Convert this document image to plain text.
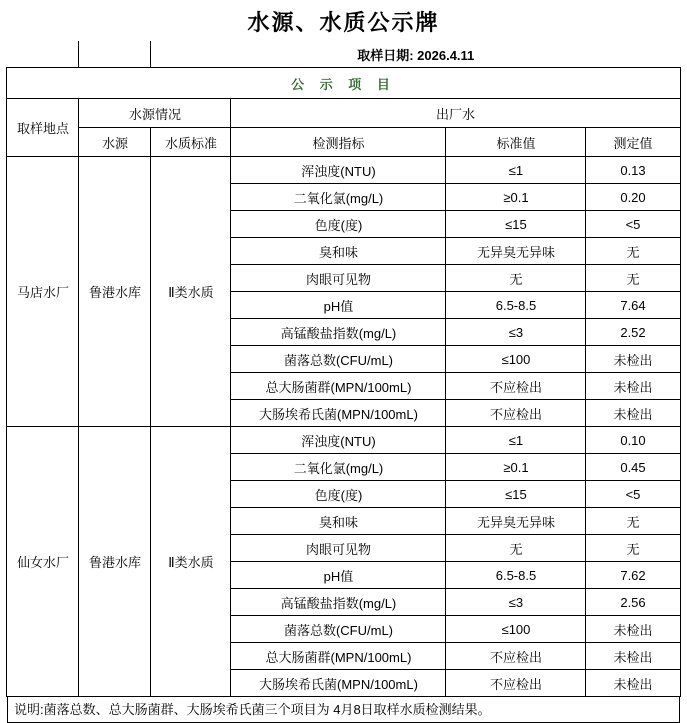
水源、水质公示牌
		取样日期: 2026.4.11			
公 示 项 目					
取样地点	水源情况		出厂水		
	水源	水质标准	检测指标	标准值	测定值
马店水厂	鲁港水库	Ⅱ类水质	浑浊度(NTU)	≤1	0.13
			二氧化氯(mg/L)	≥0.1	0.20
			色度(度)	≤15	<5
			臭和味	无异臭无异味	无
			肉眼可见物	无	无
			pH值	6.5-8.5	7.64
			高锰酸盐指数(mg/L)	≤3	2.52
			菌落总数(CFU/mL)	≤100	未检出
			总大肠菌群(MPN/100mL)	不应检出	未检出
			大肠埃希氏菌(MPN/100mL)	不应检出	未检出
仙女水厂	鲁港水库	Ⅱ类水质	浑浊度(NTU)	≤1	0.10
			二氧化氯(mg/L)	≥0.1	0.45
			色度(度)	≤15	<5
			臭和味	无异臭无异味	无
			肉眼可见物	无	无
			pH值	6.5-8.5	7.62
			高锰酸盐指数(mg/L)	≤3	2.56
			菌落总数(CFU/mL)	≤100	未检出
			总大肠菌群(MPN/100mL)	不应检出	未检出
			大肠埃希氏菌(MPN/100mL)	不应检出	未检出
说明:菌落总数、总大肠菌群、大肠埃希氏菌三个项目为 4月8日取样水质检测结果。
